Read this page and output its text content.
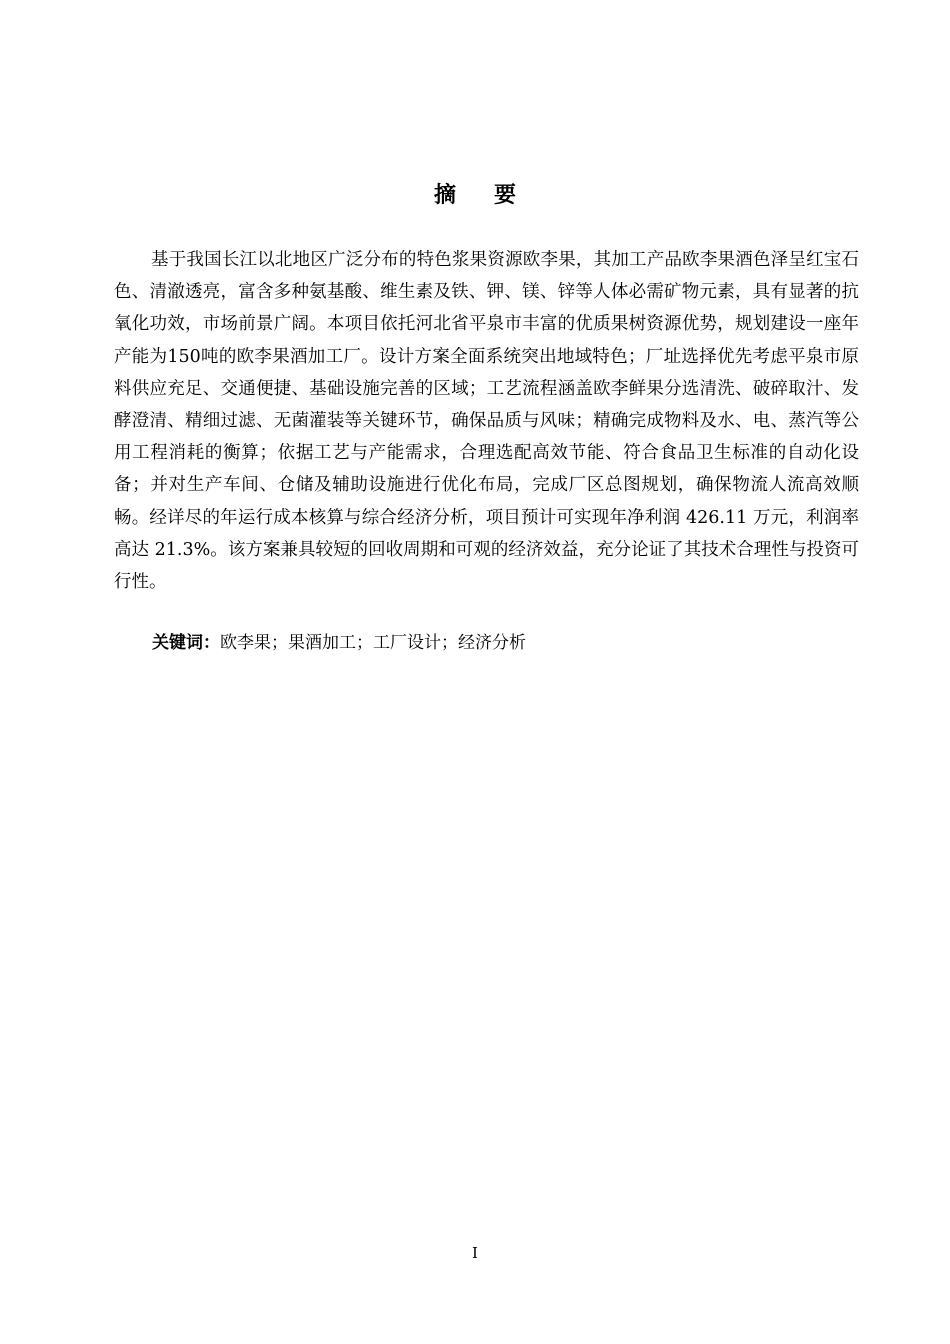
摘要

基于我国长江以北地区广泛分布的特色浆果资源欧李果，其加工产品欧李果酒色泽呈红宝石色、清澈透亮，富含多种氨基酸、维生素及铁、钾、镁、锌等人体必需矿物元素，具有显著的抗氧化功效，市场前景广阔。本项目依托河北省平泉市丰富的优质果树资源优势，规划建设一座年产能为150吨的欧李果酒加工厂。设计方案全面系统突出地域特色；厂址选择优先考虑平泉市原料供应充足、交通便捷、基础设施完善的区域；工艺流程涵盖欧李鲜果分选清洗、破碎取汁、发酵澄清、精细过滤、无菌灌装等关键环节，确保品质与风味；精确完成物料及水、电、蒸汽等公用工程消耗的衡算；依据工艺与产能需求，合理选配高效节能、符合食品卫生标准的自动化设备；并对生产车间、仓储及辅助设施进行优化布局，完成厂区总图规划，确保物流人流高效顺畅。经详尽的年运行成本核算与综合经济分析，项目预计可实现年净利润 426.11 万元，利润率高达 21.3%。该方案兼具较短的回收周期和可观的经济效益，充分论证了其技术合理性与投资可行性。

关键词：欧李果；果酒加工；工厂设计；经济分析

I
